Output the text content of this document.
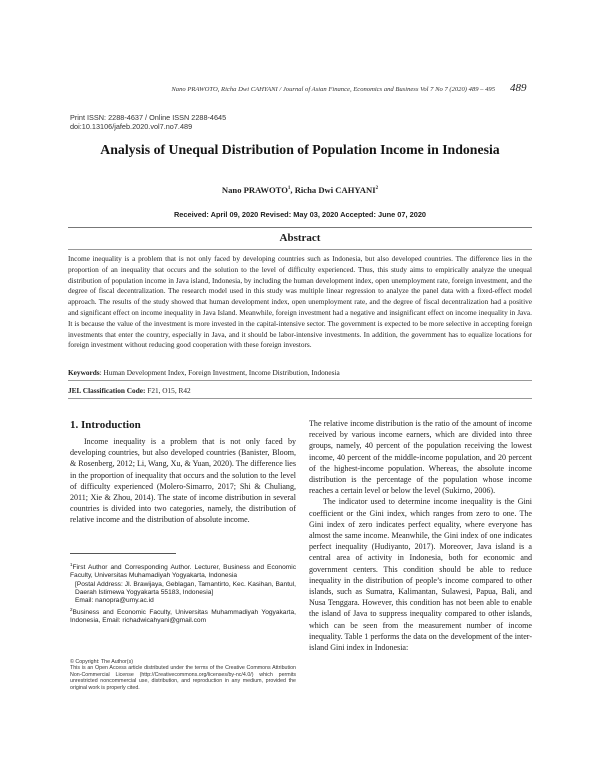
Nano PRAWOTO, Richa Dwi CAHYANI / Journal of Asian Finance, Economics and Business Vol 7 No 7 (2020) 489 – 495 489
Print ISSN: 2288-4637 / Online ISSN 2288-4645
doi:10.13106/jafeb.2020.vol7.no7.489
Analysis of Unequal Distribution of Population Income in Indonesia
Nano PRAWOTO$^1$, Richa Dwi CAHYANI$^2$
Received: April 09, 2020 Revised: May 03, 2020 Accepted: June 07, 2020
Abstract
Income inequality is a problem that is not only faced by developing countries such as Indonesia, but also developed countries. The difference lies in the proportion of an inequality that occurs and the solution to the level of difficulty experienced. Thus, this study aims to empirically analyze the unequal distribution of population income in Java island, Indonesia, by including the human development index, open unemployment rate, foreign investment, and the degree of fiscal decentralization. The research model used in this study was multiple linear regression to analyze the panel data with a fixed-effect model approach. The results of the study showed that human development index, open unemployment rate, and the degree of fiscal decentralization had a positive and significant effect on income inequality in Java Island. Meanwhile, foreign investment had a negative and insignificant effect on income inequality in Java. It is because the value of the investment is more invested in the capital-intensive sector. The government is expected to be more selective in accepting foreign investments that enter the country, especially in Java, and it should be labor-intensive investments. In addition, the government has to equalize locations for foreign investment without reducing good cooperation with these foreign investors.
Keywords: Human Development Index, Foreign Investment, Income Distribution, Indonesia
JEL Classification Code: F21, O15, R42
1. Introduction
Income inequality is a problem that is not only faced by developing countries, but also developed countries (Banister, Bloom, & Rosenberg, 2012; Li, Wang, Xu, & Yuan, 2020). The difference lies in the proportion of inequality that occurs and the solution to the level of difficulty experienced (Molero-Simarro, 2017; Shi & Chuliang, 2011; Xie & Zhou, 2014). The state of income distribution in several countries is divided into two categories, namely, the distribution of relative income and the distribution of absolute income.

The relative income distribution is the ratio of the amount of income received by various income earners, which are divided into three groups, namely, 40 percent of the population receiving the lowest income, 40 percent of the middle-income population, and 20 percent of the highest-income population. Whereas, the absolute income distribution is the percentage of the population whose income reaches a certain level or below the level (Sukirno, 2006).

The indicator used to determine income inequality is the Gini coefficient or the Gini index, which ranges from zero to one. The Gini index of zero indicates perfect equality, where everyone has almost the same income. Meanwhile, the Gini index of one indicates perfect inequality (Hudiyanto, 2017). Moreover, Java island is a central area of activity in Indonesia, both for economic and government centers. This condition should be able to reduce inequality in the distribution of people’s income compared to other islands, such as Sumatra, Kalimantan, Sulawesi, Papua, Bali, and Nusa Tenggara. However, this condition has not been able to enable the island of Java to suppress inequality compared to other islands, which can be seen from the measurement number of income inequality. Table 1 performs the data on the development of the inter-island Gini index in Indonesia:

$^1$First Author and Corresponding Author. Lecturer, Business and Economic Faculty, Universitas Muhamadiyah Yogyakarta, Indonesia

[Postal Address: Jl. Brawijaya, Geblagan, Tamantirto, Kec. Kasihan, Bantul, Daerah Istimewa Yogyakarta 55183, Indonesia]

Email: nanopra@umy.ac.id

$^2$Business and Economic Faculty, Universitas Muhammadiyah Yogyakarta, Indonesia, Email: richadwicahyani@gmail.com

© Copyright: The Author(s)

This is an Open Access article distributed under the terms of the Creative Commons Attribution Non-Commercial License (http://Creativecommons.org/licenses/by-nc/4.0/) which permits unrestricted noncommercial use, distribution, and reproduction in any medium, provided the original work is properly cited.
